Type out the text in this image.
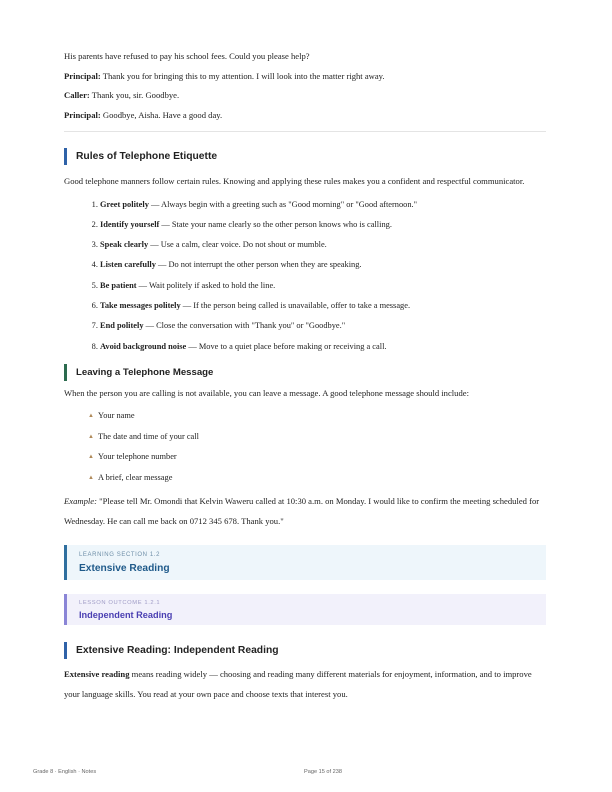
His parents have refused to pay his school fees. Could you please help?

Principal: Thank you for bringing this to my attention. I will look into the matter right away.

Caller: Thank you, sir. Goodbye.

Principal: Goodbye, Aisha. Have a good day.

Rules of Telephone Etiquette

Good telephone manners follow certain rules. Knowing and applying these rules makes you a confident and respectful communicator.

1. Greet politely — Always begin with a greeting such as "Good morning" or "Good afternoon."
2. Identify yourself — State your name clearly so the other person knows who is calling.
3. Speak clearly — Use a calm, clear voice. Do not shout or mumble.
4. Listen carefully — Do not interrupt the other person when they are speaking.
5. Be patient — Wait politely if asked to hold the line.
6. Take messages politely — If the person being called is unavailable, offer to take a message.
7. End politely — Close the conversation with "Thank you" or "Goodbye."
8. Avoid background noise — Move to a quiet place before making or receiving a call.
Leaving a Telephone Message

When the person you are calling is not available, you can leave a message. A good telephone message should include:

▲ Your name
▲ The date and time of your call
▲ Your telephone number
▲ A brief, clear message

Example: "Please tell Mr. Omondi that Kelvin Waweru called at 10:30 a.m. on Monday. I would like to confirm the meeting scheduled for Wednesday. He can call me back on 0712 345 678. Thank you."

LEARNING SECTION 1.2
Extensive Reading
LESSON OUTCOME 1.2.1
Independent Reading
Extensive Reading: Independent Reading

Extensive reading means reading widely — choosing and reading many different materials for enjoyment, information, and to improve your language skills. You read at your own pace and choose texts that interest you.

Grade 8 · English · Notes	Page 15 of 238
